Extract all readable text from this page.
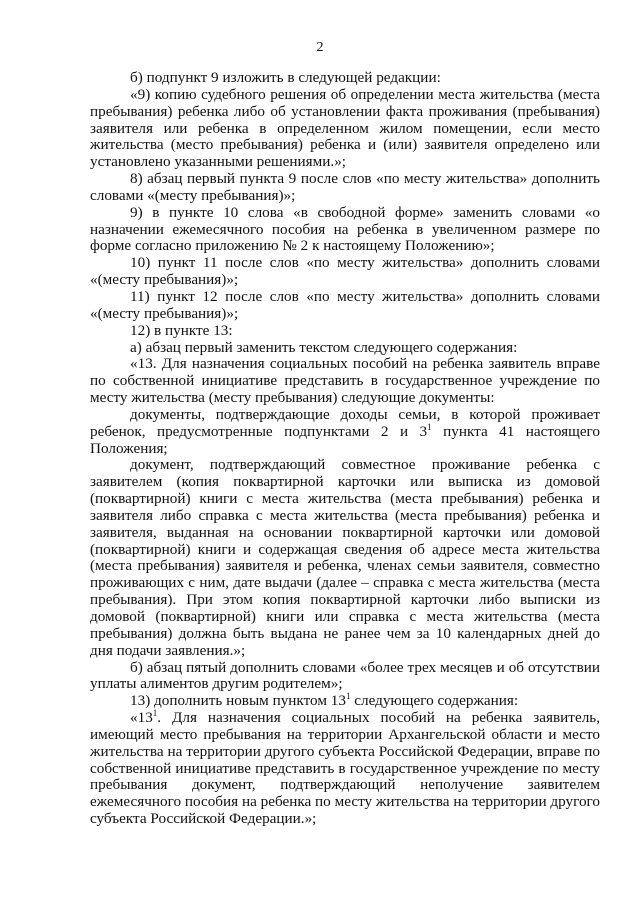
2

б) подпункт 9 изложить в следующей редакции:

«9) копию судебного решения об определении места жительства (места пребывания) ребенка либо об установлении факта проживания (пребывания) заявителя или ребенка в определенном жилом помещении, если место жительства (место пребывания) ребенка и (или) заявителя определено или установлено указанными решениями.»;

8) абзац первый пункта 9 после слов «по месту жительства» дополнить словами «(месту пребывания)»;

9) в пункте 10 слова «в свободной форме» заменить словами «о назначении ежемесячного пособия на ребенка в увеличенном размере по форме согласно приложению № 2 к настоящему Положению»;

10) пункт 11 после слов «по месту жительства» дополнить словами «(месту пребывания)»;

11) пункт 12 после слов «по месту жительства» дополнить словами «(месту пребывания)»;

12) в пункте 13:

а) абзац первый заменить текстом следующего содержания:

«13. Для назначения социальных пособий на ребенка заявитель вправе по собственной инициативе представить в государственное учреждение по месту жительства (месту пребывания) следующие документы:

документы, подтверждающие доходы семьи, в которой проживает ребенок, предусмотренные подпунктами 2 и $3^1$ пункта 41 настоящего Положения;

документ, подтверждающий совместное проживание ребенка с заявителем (копия поквартирной карточки или выписка из домовой (поквартирной) книги с места жительства (места пребывания) ребенка и заявителя либо справка с места жительства (места пребывания) ребенка и заявителя, выданная на основании поквартирной карточки или домовой (поквартирной) книги и содержащая сведения об адресе места жительства (места пребывания) заявителя и ребенка, членах семьи заявителя, совместно проживающих с ним, дате выдачи (далее – справка с места жительства (места пребывания). При этом копия поквартирной карточки либо выписки из домовой (поквартирной) книги или справка с места жительства (места пребывания) должна быть выдана не ранее чем за 10 календарных дней до дня подачи заявления.»;

б) абзац пятый дополнить словами «более трех месяцев и об отсутствии уплаты алиментов другим родителем»;

13) дополнить новым пунктом $13^1$ следующего содержания:

«$13^1$. Для назначения социальных пособий на ребенка заявитель, имеющий место пребывания на территории Архангельской области и место жительства на территории другого субъекта Российской Федерации, вправе по собственной инициативе представить в государственное учреждение по месту пребывания документ, подтверждающий неполучение заявителем ежемесячного пособия на ребенка по месту жительства на территории другого субъекта Российской Федерации.»;
